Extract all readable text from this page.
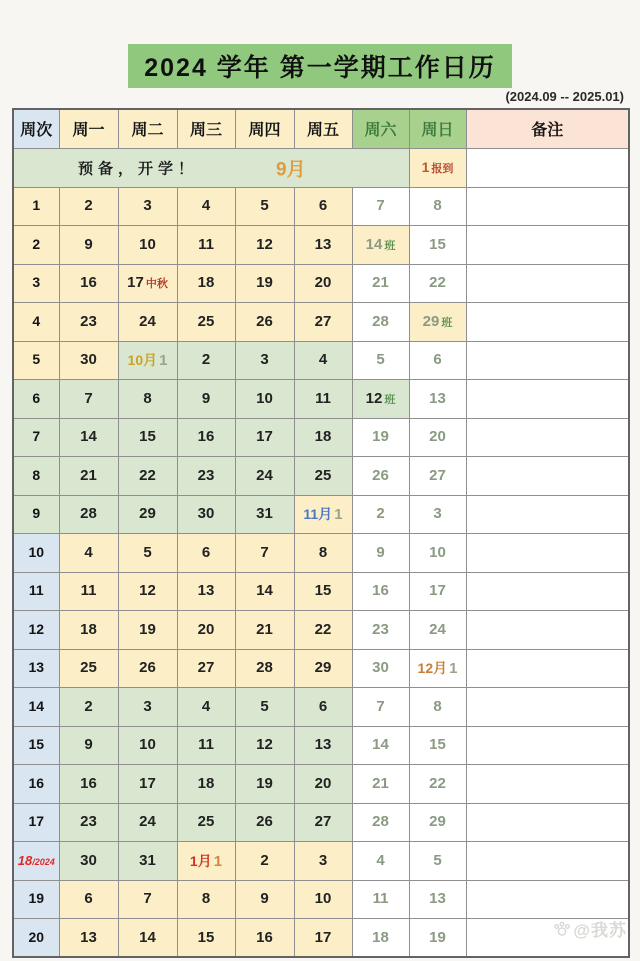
2024 学年 第一学期工作日历
(2024.09 -- 2025.01)
周次	周一	周二	周三	周四	周五	周六	周日	备注

预备，开学！ 9月							1 报到	
1	2	3	4	5	6	7	8	
2	9	10	11	12	13	14 班	15	
3	16	17 中秋	18	19	20	21	22	
4	23	24	25	26	27	28	29 班	
5	30	10月 1	2	3	4	5	6	
6	7	8	9	10	11	12 班	13	
7	14	15	16	17	18	19	20	
8	21	22	23	24	25	26	27	
9	28	29	30	31	11月 1	2	3	
10	4	5	6	7	8	9	10	
11	11	12	13	14	15	16	17	
12	18	19	20	21	22	23	24	
13	25	26	27	28	29	30	12月 1	
14	2	3	4	5	6	7	8	
15	9	10	11	12	13	14	15	
16	16	17	18	19	20	21	22	
17	23	24	25	26	27	28	29	
18/2024	30	31	1月 1	2	3	4	5	
19	6	7	8	9	10	11	13	
20	13	14	15	16	17	18	19		@我苏
